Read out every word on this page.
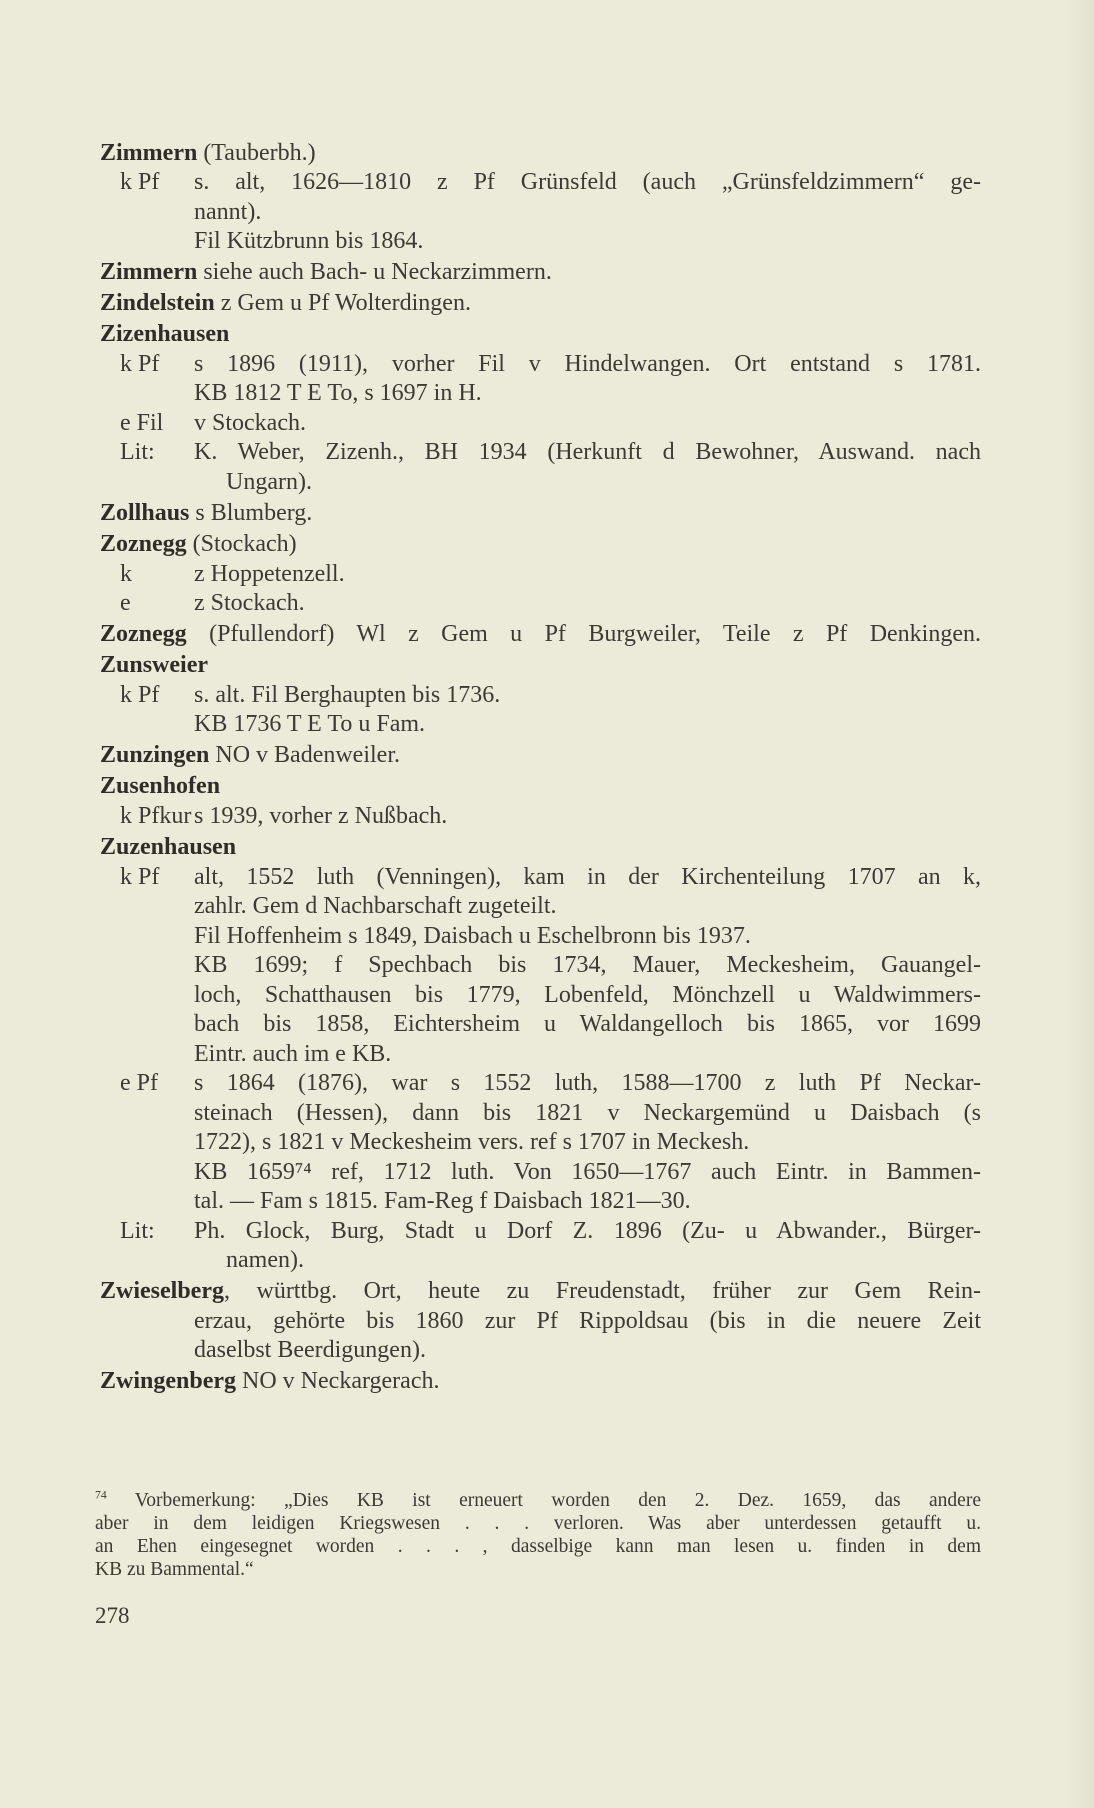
Zimmern (Tauberbh.)
k Pf s. alt, 1626—1810 z Pf Grünsfeld (auch „Grünsfeldzimmern“ ge-
nannt).
Fil Kützbrunn bis 1864.
Zimmern siehe auch Bach- u Neckarzimmern.
Zindelstein z Gem u Pf Wolterdingen.
Zizenhausen
k Pf s 1896 (1911), vorher Fil v Hindelwangen. Ort entstand s 1781.
KB 1812 T E To, s 1697 in H.
e Fil v Stockach.
Lit: K. Weber, Zizenh., BH 1934 (Herkunft d Bewohner, Auswand. nach
Ungarn).
Zollhaus s Blumberg.
Zoznegg (Stockach)
k	z Hoppetenzell.
e	z Stockach.
Zoznegg (Pfullendorf) Wl z Gem u Pf Burgweiler, Teile z Pf Denkingen.
Zunsweier
k Pf s. alt. Fil Berghaupten bis 1736.
KB 1736 T E To u Fam.
Zunzingen NO v Badenweiler.
Zusenhofen
k Pfkur s 1939, vorher z Nußbach.
Zuzenhausen
k Pf alt, 1552 luth (Venningen), kam in der Kirchenteilung 1707 an k,
zahlr. Gem d Nachbarschaft zugeteilt.
Fil Hoffenheim s 1849, Daisbach u Eschelbronn bis 1937.
KB 1699; f Spechbach bis 1734, Mauer, Meckesheim, Gauangel-
loch, Schatthausen bis 1779, Lobenfeld, Mönchzell u Waldwimmers-
bach bis 1858, Eichtersheim u Waldangelloch bis 1865, vor 1699
Eintr. auch im e KB.
e Pf s 1864 (1876), war s 1552 luth, 1588—1700 z luth Pf Neckar-
steinach (Hessen), dann bis 1821 v Neckargemünd u Daisbach (s
1722), s 1821 v Meckesheim vers. ref s 1707 in Meckesh.
KB 1659⁷⁴ ref, 1712 luth. Von 1650—1767 auch Eintr. in Bammen-
tal. — Fam s 1815. Fam-Reg f Daisbach 1821—30.
Lit: Ph. Glock, Burg, Stadt u Dorf Z. 1896 (Zu- u Abwander., Bürger-
namen).
Zwieselberg, württbg. Ort, heute zu Freudenstadt, früher zur Gem Rein-
erzau, gehörte bis 1860 zur Pf Rippoldsau (bis in die neuere Zeit
daselbst Beerdigungen).
Zwingenberg NO v Neckargerach.
$^{74}$ Vorbemerkung: „Dies KB ist erneuert worden den 2. Dez. 1659, das andere
aber in dem leidigen Kriegswesen . . . verloren. Was aber unterdessen getaufft u.
an Ehen eingesegnet worden . . . , dasselbige kann man lesen u. finden in dem
KB zu Bammental.“
278
